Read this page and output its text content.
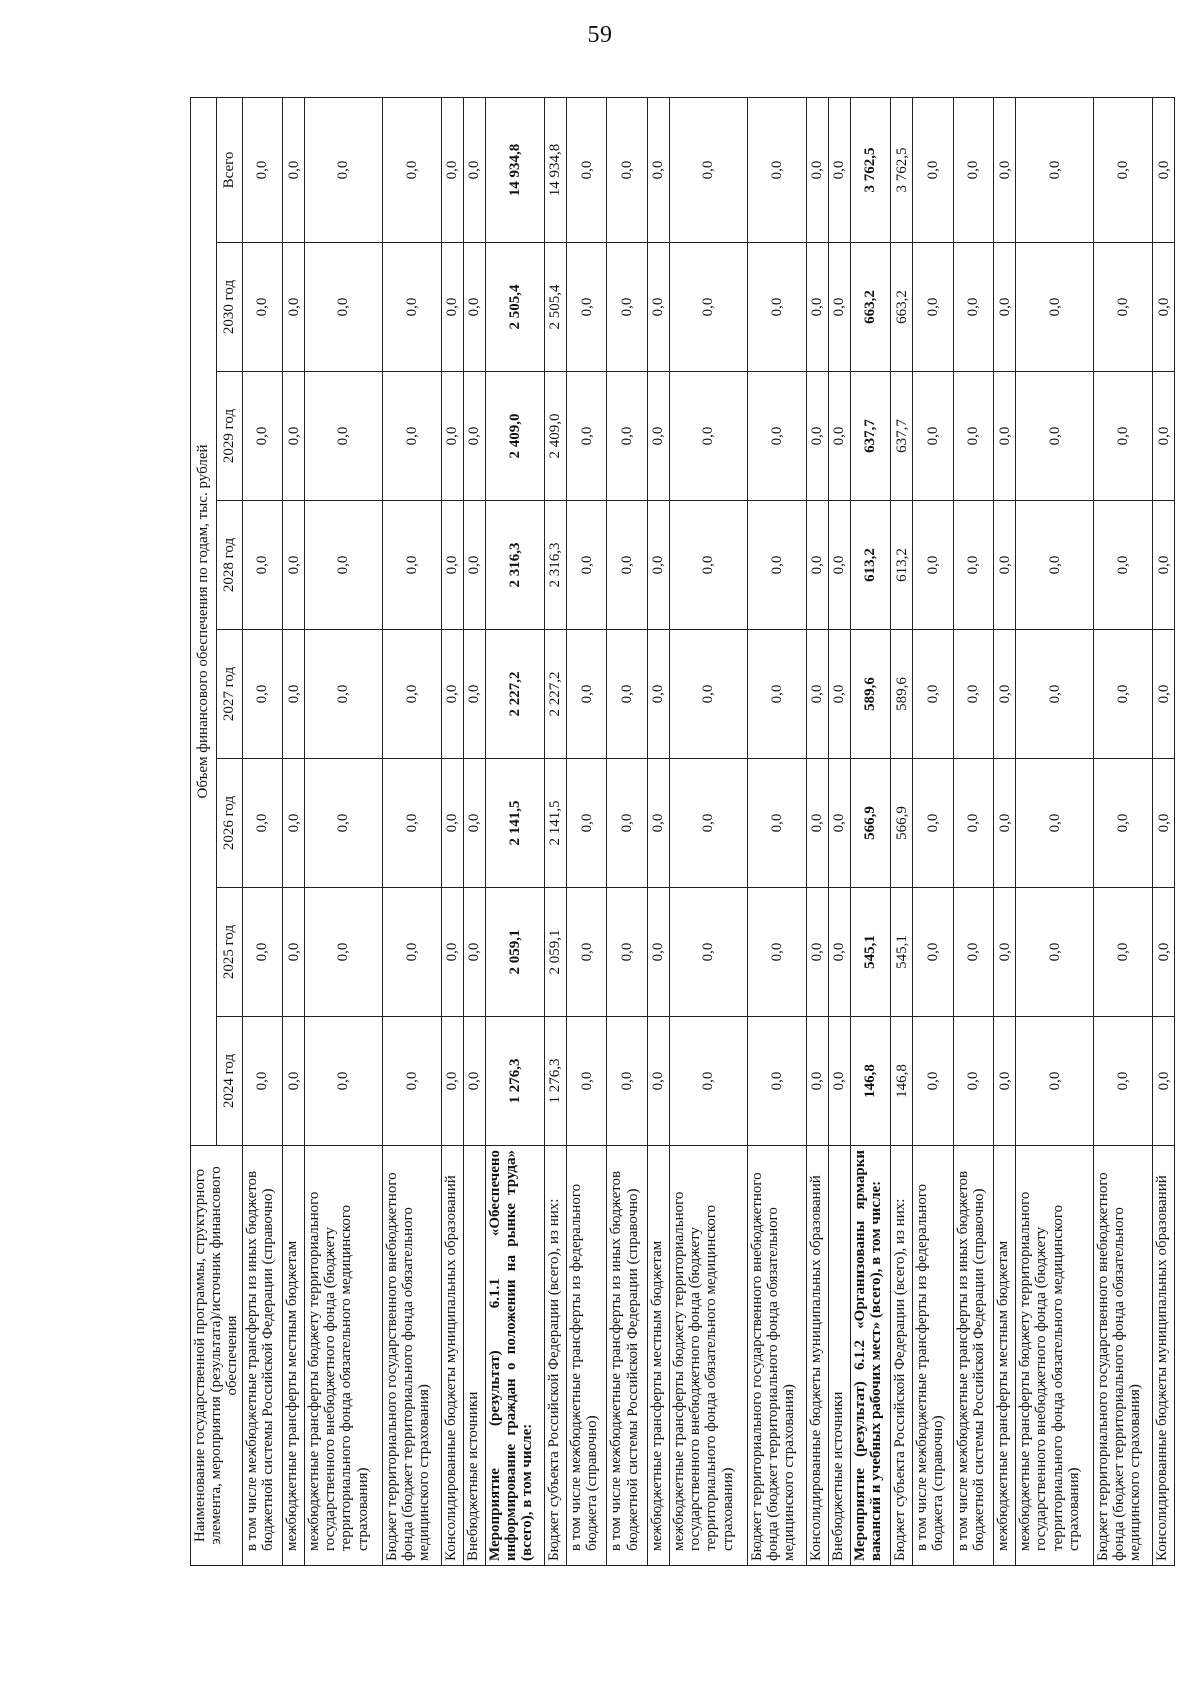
59
Наименование государственной программы, структурного элемента, мероприятия (результата)/источник финансового обеспечения	Объем финансового обеспечения по годам, тыс. рублей							
	2024 год	2025 год	2026 год	2027 год	2028 год	2029 год	2030 год	Всего
в том числе межбюджетные трансферты из иных бюджетов бюджетной системы Российской Федерации (справочно)	0,0	0,0	0,0	0,0	0,0	0,0	0,0	0,0
межбюджетные трансферты местным бюджетам	0,0	0,0	0,0	0,0	0,0	0,0	0,0	0,0
межбюджетные трансферты бюджету территориального государственного внебюджетного фонда (бюджету территориального фонда обязательного медицинского страхования)	0,0	0,0	0,0	0,0	0,0	0,0	0,0	0,0
Бюджет территориального государственного внебюджетного фонда (бюджет территориального фонда обязательного медицинского страхования)	0,0	0,0	0,0	0,0	0,0	0,0	0,0	0,0
Консолидированные бюджеты муниципальных образований	0,0	0,0	0,0	0,0	0,0	0,0	0,0	0,0
Внебюджетные источники	0,0	0,0	0,0	0,0	0,0	0,0	0,0	0,0
Мероприятие (результат) 6.1.1 «Обеспечено информирование граждан о положении на рынке труда» (всего), в том числе:	1 276,3	2 059,1	2 141,5	2 227,2	2 316,3	2 409,0	2 505,4	14 934,8
Бюджет субъекта Российской Федерации (всего), из них:	1 276,3	2 059,1	2 141,5	2 227,2	2 316,3	2 409,0	2 505,4	14 934,8
в том числе межбюджетные трансферты из федерального бюджета (справочно)	0,0	0,0	0,0	0,0	0,0	0,0	0,0	0,0
в том числе межбюджетные трансферты из иных бюджетов бюджетной системы Российской Федерации (справочно)	0,0	0,0	0,0	0,0	0,0	0,0	0,0	0,0
межбюджетные трансферты местным бюджетам	0,0	0,0	0,0	0,0	0,0	0,0	0,0	0,0
межбюджетные трансферты бюджету территориального государственного внебюджетного фонда (бюджету территориального фонда обязательного медицинского страхования)	0,0	0,0	0,0	0,0	0,0	0,0	0,0	0,0
Бюджет территориального государственного внебюджетного фонда (бюджет территориального фонда обязательного медицинского страхования)	0,0	0,0	0,0	0,0	0,0	0,0	0,0	0,0
Консолидированные бюджеты муниципальных образований	0,0	0,0	0,0	0,0	0,0	0,0	0,0	0,0
Внебюджетные источники	0,0	0,0	0,0	0,0	0,0	0,0	0,0	0,0
Мероприятие (результат) 6.1.2 «Организованы ярмарки вакансий и учебных рабочих мест» (всего), в том числе:	146,8	545,1	566,9	589,6	613,2	637,7	663,2	3 762,5
Бюджет субъекта Российской Федерации (всего), из них:	146,8	545,1	566,9	589,6	613,2	637,7	663,2	3 762,5
в том числе межбюджетные трансферты из федерального бюджета (справочно)	0,0	0,0	0,0	0,0	0,0	0,0	0,0	0,0
в том числе межбюджетные трансферты из иных бюджетов бюджетной системы Российской Федерации (справочно)	0,0	0,0	0,0	0,0	0,0	0,0	0,0	0,0
межбюджетные трансферты местным бюджетам	0,0	0,0	0,0	0,0	0,0	0,0	0,0	0,0
межбюджетные трансферты бюджету территориального государственного внебюджетного фонда (бюджету территориального фонда обязательного медицинского страхования)	0,0	0,0	0,0	0,0	0,0	0,0	0,0	0,0
Бюджет территориального государственного внебюджетного фонда (бюджет территориального фонда обязательного медицинского страхования)	0,0	0,0	0,0	0,0	0,0	0,0	0,0	0,0
Консолидированные бюджеты муниципальных образований	0,0	0,0	0,0	0,0	0,0	0,0	0,0	0,0
